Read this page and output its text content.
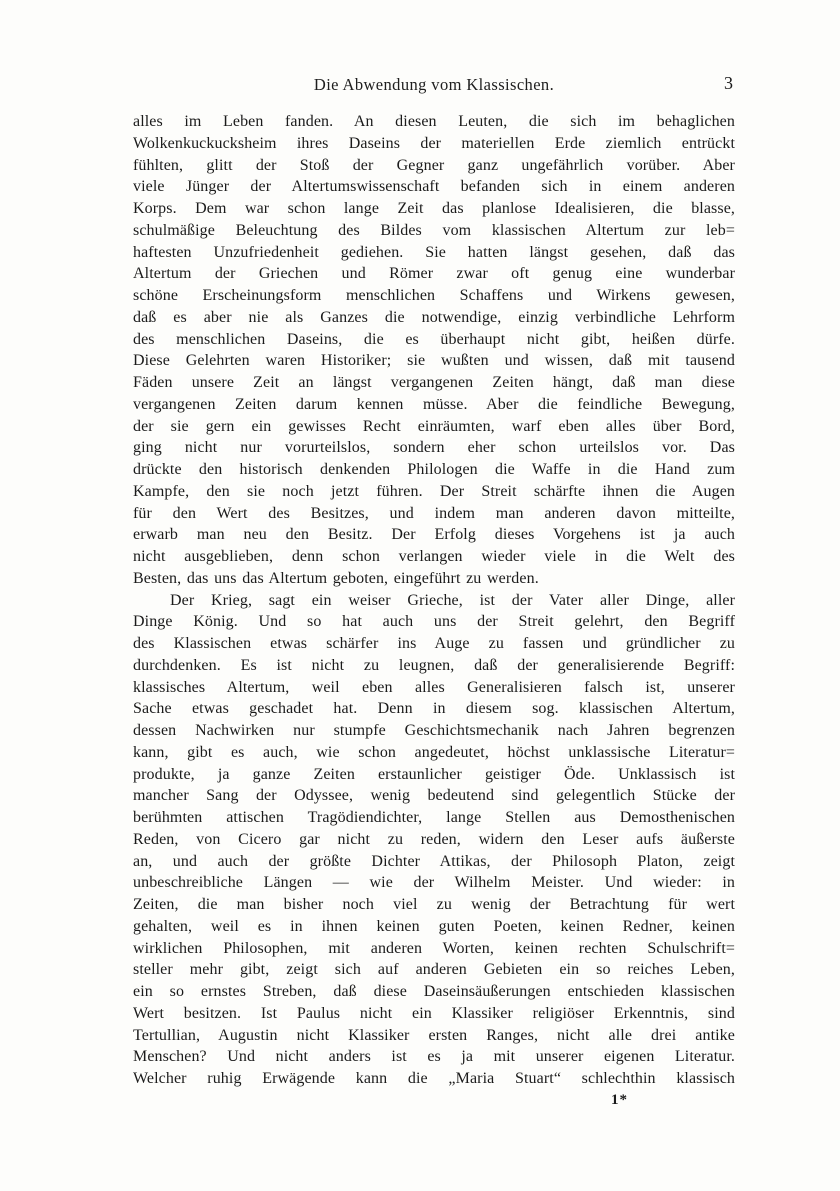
Die Abwendung vom Klassischen.	3
alles im Leben fanden. An diesen Leuten, die sich im behaglichen
Wolkenkuckucksheim ihres Daseins der materiellen Erde ziemlich entrückt
fühlten, glitt der Stoß der Gegner ganz ungefährlich vorüber. Aber
viele Jünger der Altertumswissenschaft befanden sich in einem anderen
Korps. Dem war schon lange Zeit das planlose Idealisieren, die blasse,
schulmäßige Beleuchtung des Bildes vom klassischen Altertum zur leb=
haftesten Unzufriedenheit gediehen. Sie hatten längst gesehen, daß das
Altertum der Griechen und Römer zwar oft genug eine wunderbar
schöne Erscheinungsform menschlichen Schaffens und Wirkens gewesen,
daß es aber nie als Ganzes die notwendige, einzig verbindliche Lehrform
des menschlichen Daseins, die es überhaupt nicht gibt, heißen dürfe.
Diese Gelehrten waren Historiker; sie wußten und wissen, daß mit tausend
Fäden unsere Zeit an längst vergangenen Zeiten hängt, daß man diese
vergangenen Zeiten darum kennen müsse. Aber die feindliche Bewegung,
der sie gern ein gewisses Recht einräumten, warf eben alles über Bord,
ging nicht nur vorurteilslos, sondern eher schon urteilslos vor. Das
drückte den historisch denkenden Philologen die Waffe in die Hand zum
Kampfe, den sie noch jetzt führen. Der Streit schärfte ihnen die Augen
für den Wert des Besitzes, und indem man anderen davon mitteilte,
erwarb man neu den Besitz. Der Erfolg dieses Vorgehens ist ja auch
nicht ausgeblieben, denn schon verlangen wieder viele in die Welt des
Besten, das uns das Altertum geboten, eingeführt zu werden.
Der Krieg, sagt ein weiser Grieche, ist der Vater aller Dinge, aller
Dinge König. Und so hat auch uns der Streit gelehrt, den Begriff
des Klassischen etwas schärfer ins Auge zu fassen und gründlicher zu
durchdenken. Es ist nicht zu leugnen, daß der generalisierende Begriff:
klassisches Altertum, weil eben alles Generalisieren falsch ist, unserer
Sache etwas geschadet hat. Denn in diesem sog. klassischen Altertum,
dessen Nachwirken nur stumpfe Geschichtsmechanik nach Jahren begrenzen
kann, gibt es auch, wie schon angedeutet, höchst unklassische Literatur=
produkte, ja ganze Zeiten erstaunlicher geistiger Öde. Unklassisch ist
mancher Sang der Odyssee, wenig bedeutend sind gelegentlich Stücke der
berühmten attischen Tragödiendichter, lange Stellen aus Demosthenischen
Reden, von Cicero gar nicht zu reden, widern den Leser aufs äußerste
an, und auch der größte Dichter Attikas, der Philosoph Platon, zeigt
unbeschreibliche Längen — wie der Wilhelm Meister. Und wieder: in
Zeiten, die man bisher noch viel zu wenig der Betrachtung für wert
gehalten, weil es in ihnen keinen guten Poeten, keinen Redner, keinen
wirklichen Philosophen, mit anderen Worten, keinen rechten Schulschrift=
steller mehr gibt, zeigt sich auf anderen Gebieten ein so reiches Leben,
ein so ernstes Streben, daß diese Daseinsäußerungen entschieden klassischen
Wert besitzen. Ist Paulus nicht ein Klassiker religiöser Erkenntnis, sind
Tertullian, Augustin nicht Klassiker ersten Ranges, nicht alle drei antike
Menschen? Und nicht anders ist es ja mit unserer eigenen Literatur.
Welcher ruhig Erwägende kann die „Maria Stuart“ schlechthin klassisch
1*
